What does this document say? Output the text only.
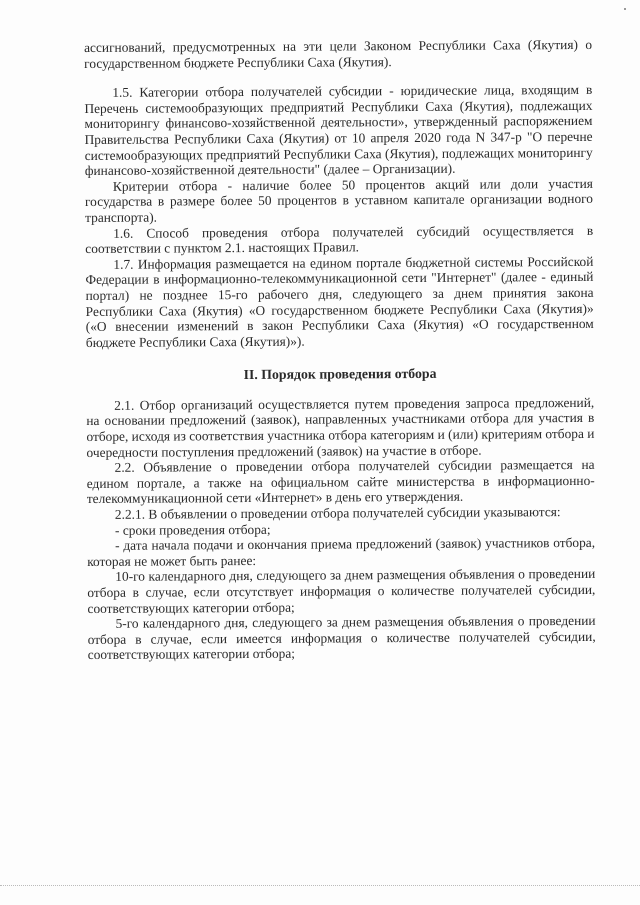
ассигнований, предусмотренных на эти цели Законом Республики Саха (Якутия) о государственном бюджете Республики Саха (Якутия).

1.5. Категории отбора получателей субсидии - юридические лица, входящим в Перечень системообразующих предприятий Республики Саха (Якутия), подлежащих мониторингу финансово-хозяйственной деятельности», утвержденный распоряжением Правительства Республики Саха (Якутия) от 10 апреля 2020 года N 347-р "О перечне системообразующих предприятий Республики Саха (Якутия), подлежащих мониторингу финансово-хозяйственной деятельности" (далее – Организации).

Критерии отбора - наличие более 50 процентов акций или доли участия государства в размере более 50 процентов в уставном капитале организации водного транспорта).

1.6. Способ проведения отбора получателей субсидий осуществляется в соответствии с пунктом 2.1. настоящих Правил.

1.7. Информация размещается на едином портале бюджетной системы Российской Федерации в информационно-телекоммуникационной сети "Интернет" (далее - единый портал) не позднее 15-го рабочего дня, следующего за днем принятия закона Республики Саха (Якутия) «О государственном бюджете Республики Саха (Якутия)» («О внесении изменений в закон Республики Саха (Якутия) «О государственном бюджете Республики Саха (Якутия)»).

II. Порядок проведения отбора

2.1. Отбор организаций осуществляется путем проведения запроса предложений, на основании предложений (заявок), направленных участниками отбора для участия в отборе, исходя из соответствия участника отбора категориям и (или) критериям отбора и очередности поступления предложений (заявок) на участие в отборе.

2.2. Объявление о проведении отбора получателей субсидии размещается на едином портале, а также на официальном сайте министерства в информационно-телекоммуникационной сети «Интернет» в день его утверждения.

2.2.1. В объявлении о проведении отбора получателей субсидии указываются:

- сроки проведения отбора;

- дата начала подачи и окончания приема предложений (заявок) участников отбора, которая не может быть ранее:

10-го календарного дня, следующего за днем размещения объявления о проведении отбора в случае, если отсутствует информация о количестве получателей субсидии, соответствующих категории отбора;

5-го календарного дня, следующего за днем размещения объявления о проведении отбора в случае, если имеется информация о количестве получателей субсидии, соответствующих категории отбора;
